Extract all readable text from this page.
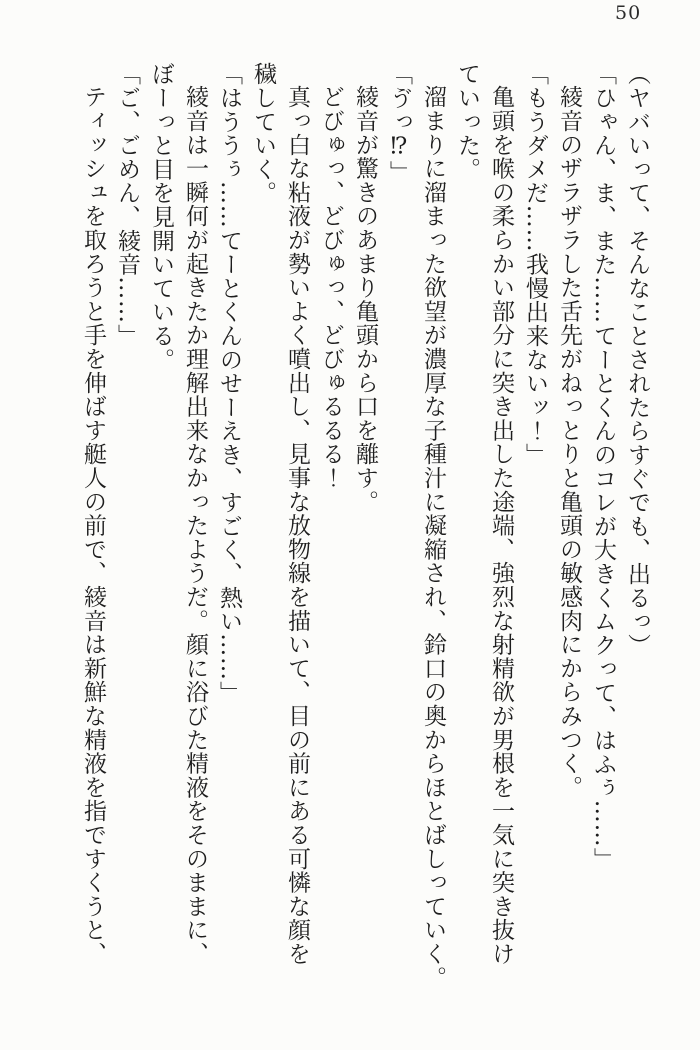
50

（ヤバいって、そんなことされたらすぐでも、出るっ）

「ひゃん、ま、また……てーとくんのコレが大きくムクって、はふぅ……」

綾音のザラザラした舌先がねっとりと亀頭の敏感肉にからみつく。

「もうダメだ……我慢出来ないッ！」

亀頭を喉の柔らかい部分に突き出した途端、強烈な射精欲が男根を一気に突き抜け
ていった。

溜まりに溜まった欲望が濃厚な子種汁に凝縮され、鈴口の奥からほとばしっていく。

「ゔっ⁉」

綾音が驚きのあまり亀頭から口を離す。

どびゅっ、どびゅっ、どびゅるるる！

真っ白な粘液が勢いよく噴出し、見事な放物線を描いて、目の前にある可憐な顔を
穢していく。

「はううぅ……てーとくんのせーえき、すごく、熱い……」

綾音は一瞬何が起きたか理解出来なかったようだ。顔に浴びた精液をそのままに、
ぼーっと目を見開いている。

「ご、ごめん、綾音……」

ティッシュを取ろうと手を伸ばす艇人の前で、綾音は新鮮な精液を指ですくうと、
